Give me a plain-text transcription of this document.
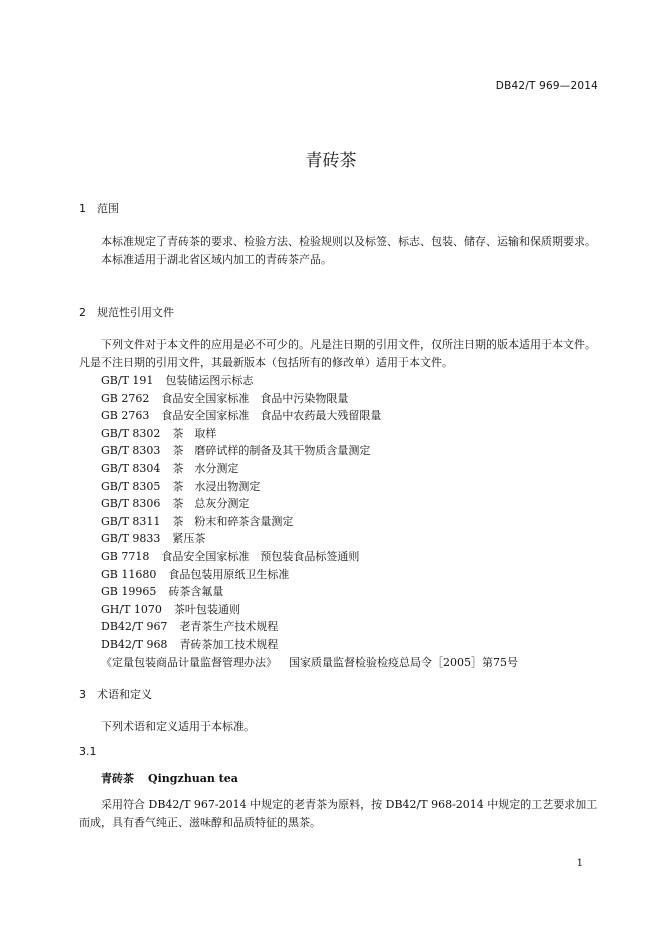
DB42/T 969—2014
青砖茶
1 范围

本标准规定了青砖茶的要求、检验方法、检验规则以及标签、标志、包装、储存、运输和保质期要求。

本标准适用于湖北省区域内加工的青砖茶产品。

2 规范性引用文件

下列文件对于本文件的应用是必不可少的。凡是注日期的引用文件，仅所注日期的版本适用于本文件。凡是不注日期的引用文件，其最新版本（包括所有的修改单）适用于本文件。

GB/T 191 包装储运图示标志
GB 2762 食品安全国家标准　食品中污染物限量
GB 2763 食品安全国家标准　食品中农药最大残留限量
GB/T 8302 茶　取样
GB/T 8303 茶　磨碎试样的制备及其干物质含量测定
GB/T 8304 茶　水分测定
GB/T 8305 茶　水浸出物测定
GB/T 8306 茶　总灰分测定
GB/T 8311 茶　粉末和碎茶含量测定
GB/T 9833 紧压茶
GB 7718 食品安全国家标准　预包装食品标签通则
GB 11680 食品包装用原纸卫生标准
GB 19965 砖茶含氟量
GH/T 1070 茶叶包装通则
DB42/T 967 老青茶生产技术规程
DB42/T 968 青砖茶加工技术规程
《定量包装商品计量监督管理办法》 国家质量监督检验检疫总局令［2005］第75号
3 术语和定义

下列术语和定义适用于本标准。

3.1
青砖茶 Qingzhuan tea

采用符合 DB42/T 967-2014 中规定的老青茶为原料，按 DB42/T 968-2014 中规定的工艺要求加工而成，具有香气纯正、滋味醇和品质特征的黑茶。

1
